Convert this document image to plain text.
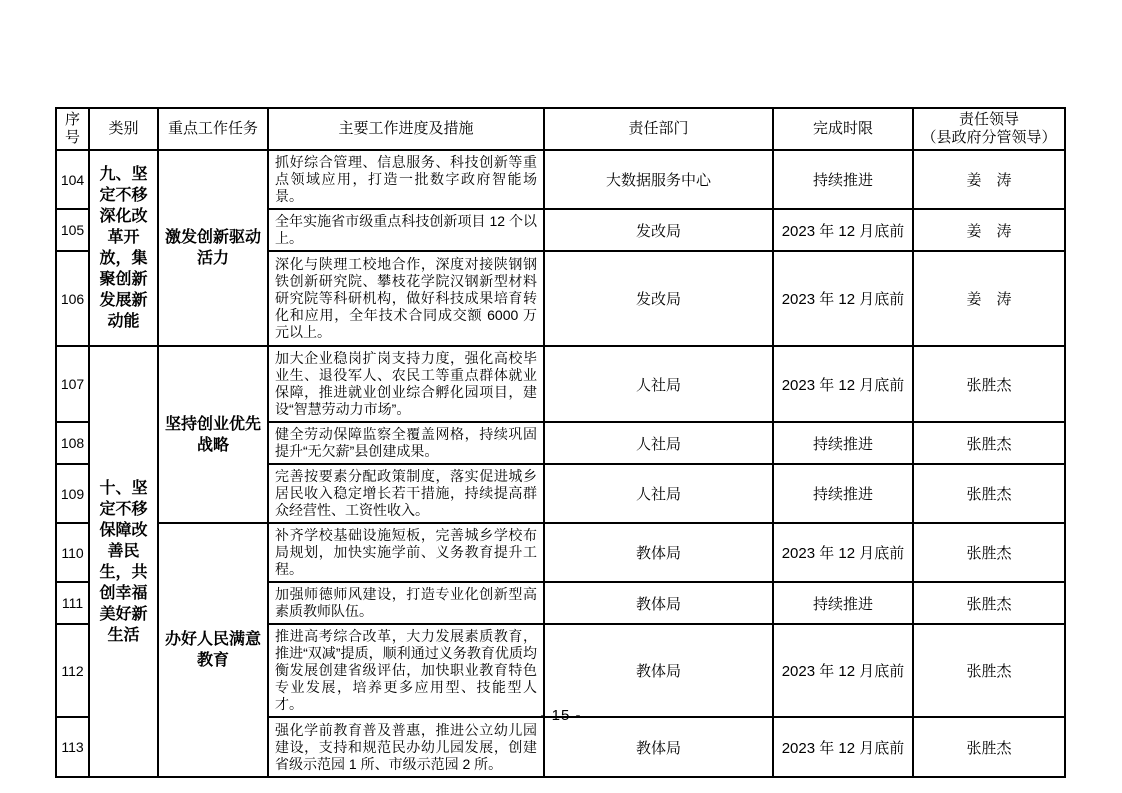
序号	类别	重点工作任务	主要工作进度及措施	责任部门	完成时限	责任领导
（县政府分管领导）

104	九、坚定不移深化改革开放，集聚创新发展新动能	激发创新驱动活力	抓好综合管理、信息服务、科技创新等重点领域应用，打造一批数字政府智能场景。	大数据服务中心	持续推进	姜　涛
105			全年实施省市级重点科技创新项目 12 个以上。	发改局	2023 年 12 月底前	姜　涛
106			深化与陕理工校地合作，深度对接陕钢钢铁创新研究院、攀枝花学院汉钢新型材料研究院等科研机构，做好科技成果培育转化和应用，全年技术合同成交额 6000 万元以上。	发改局	2023 年 12 月底前	姜　涛
107	十、坚定不移保障改善民生，共创幸福美好新生活	坚持创业优先战略	加大企业稳岗扩岗支持力度，强化高校毕业生、退役军人、农民工等重点群体就业保障，推进就业创业综合孵化园项目，建设“智慧劳动力市场”。	人社局	2023 年 12 月底前	张胜杰
108			健全劳动保障监察全覆盖网格，持续巩固提升“无欠薪”县创建成果。	人社局	持续推进	张胜杰
109			完善按要素分配政策制度，落实促进城乡居民收入稳定增长若干措施，持续提高群众经营性、工资性收入。	人社局	持续推进	张胜杰
110		办好人民满意教育	补齐学校基础设施短板，完善城乡学校布局规划，加快实施学前、义务教育提升工程。	教体局	2023 年 12 月底前	张胜杰
111			加强师德师风建设，打造专业化创新型高素质教师队伍。	教体局	持续推进	张胜杰
112			推进高考综合改革，大力发展素质教育，推进“双减”提质，顺利通过义务教育优质均衡发展创建省级评估，加快职业教育特色专业发展，培养更多应用型、技能型人才。	教体局	2023 年 12 月底前	张胜杰
113			强化学前教育普及普惠，推进公立幼儿园建设，支持和规范民办幼儿园发展，创建省级示范园 1 所、市级示范园 2 所。	教体局	2023 年 12 月底前	张胜杰
- 15 -
